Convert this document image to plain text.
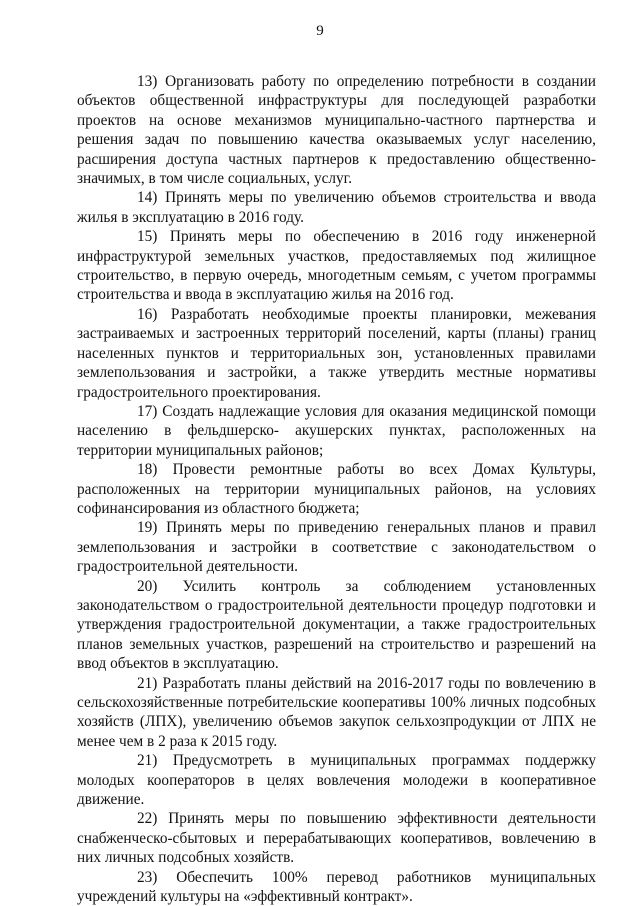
9

13) Организовать работу по определению потребности в создании объектов общественной инфраструктуры для последующей разработки проектов на основе механизмов муниципально-частного партнерства и решения задач по повышению качества оказываемых услуг населению, расширения доступа частных партнеров к предоставлению общественно-значимых, в том числе социальных, услуг.

14) Принять меры по увеличению объемов строительства и ввода жилья в эксплуатацию в 2016 году.

15) Принять меры по обеспечению в 2016 году инженерной инфраструктурой земельных участков, предоставляемых под жилищное строительство, в первую очередь, многодетным семьям, с учетом программы строительства и ввода в эксплуатацию жилья на 2016 год.

16) Разработать необходимые проекты планировки, межевания застраиваемых и застроенных территорий поселений, карты (планы) границ населенных пунктов и территориальных зон, установленных правилами землепользования и застройки, а также утвердить местные нормативы градостроительного проектирования.

17) Создать надлежащие условия для оказания медицинской помощи населению в фельдшерско- акушерских пунктах, расположенных на территории муниципальных районов;

18) Провести ремонтные работы во всех Домах Культуры, расположенных на территории муниципальных районов, на условиях софинансирования из областного бюджета;

19) Принять меры по приведению генеральных планов и правил землепользования и застройки в соответствие с законодательством о градостроительной деятельности.

20) Усилить контроль за соблюдением установленных законодательством о градостроительной деятельности процедур подготовки и утверждения градостроительной документации, а также градостроительных планов земельных участков, разрешений на строительство и разрешений на ввод объектов в эксплуатацию.

21) Разработать планы действий на 2016-2017 годы по вовлечению в сельскохозяйственные потребительские кооперативы 100% личных подсобных хозяйств (ЛПХ), увеличению объемов закупок сельхозпродукции от ЛПХ не менее чем в 2 раза к 2015 году.

21) Предусмотреть в муниципальных программах поддержку молодых кооператоров в целях вовлечения молодежи в кооперативное движение.

22) Принять меры по повышению эффективности деятельности снабженческо-сбытовых и перерабатывающих кооперативов, вовлечению в них личных подсобных хозяйств.

23) Обеспечить 100% перевод работников муниципальных учреждений культуры на «эффективный контракт».
